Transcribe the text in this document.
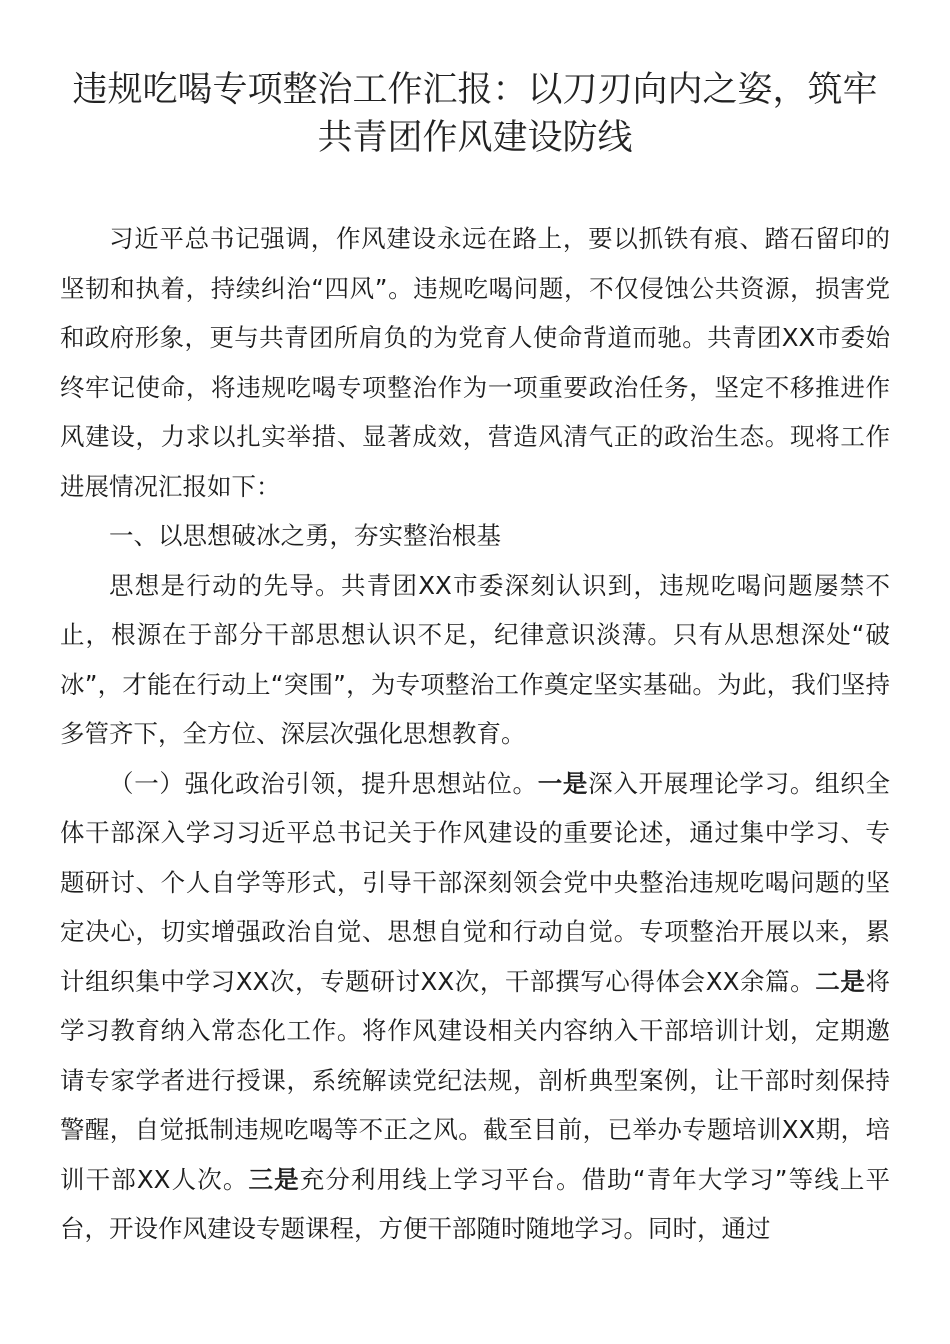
违规吃喝专项整治工作汇报：以刀刃向内之姿，筑牢
共青团作风建设防线

习近平总书记强调，作风建设永远在路上，要以抓铁有痕、踏石留印的坚韧和执着，持续纠治“四风”。违规吃喝问题，不仅侵蚀公共资源，损害党和政府形象，更与共青团所肩负的为党育人使命背道而驰。共青团XX市委始终牢记使命，将违规吃喝专项整治作为一项重要政治任务，坚定不移推进作风建设，力求以扎实举措、显著成效，营造风清气正的政治生态。现将工作进展情况汇报如下：

一、以思想破冰之勇，夯实整治根基

思想是行动的先导。共青团XX市委深刻认识到，违规吃喝问题屡禁不止，根源在于部分干部思想认识不足，纪律意识淡薄。只有从思想深处“破冰”，才能在行动上“突围”，为专项整治工作奠定坚实基础。为此，我们坚持多管齐下，全方位、深层次强化思想教育。

（一）强化政治引领，提升思想站位。一是深入开展理论学习。组织全体干部深入学习习近平总书记关于作风建设的重要论述，通过集中学习、专题研讨、个人自学等形式，引导干部深刻领会党中央整治违规吃喝问题的坚定决心，切实增强政治自觉、思想自觉和行动自觉。专项整治开展以来，累计组织集中学习XX次，专题研讨XX次，干部撰写心得体会XX余篇。二是将学习教育纳入常态化工作。将作风建设相关内容纳入干部培训计划，定期邀请专家学者进行授课，系统解读党纪法规，剖析典型案例，让干部时刻保持警醒，自觉抵制违规吃喝等不正之风。截至目前，已举办专题培训XX期，培训干部XX人次。三是充分利用线上学习平台。借助“青年大学习”等线上平台，开设作风建设专题课程，方便干部随时随地学习。同时，通过
